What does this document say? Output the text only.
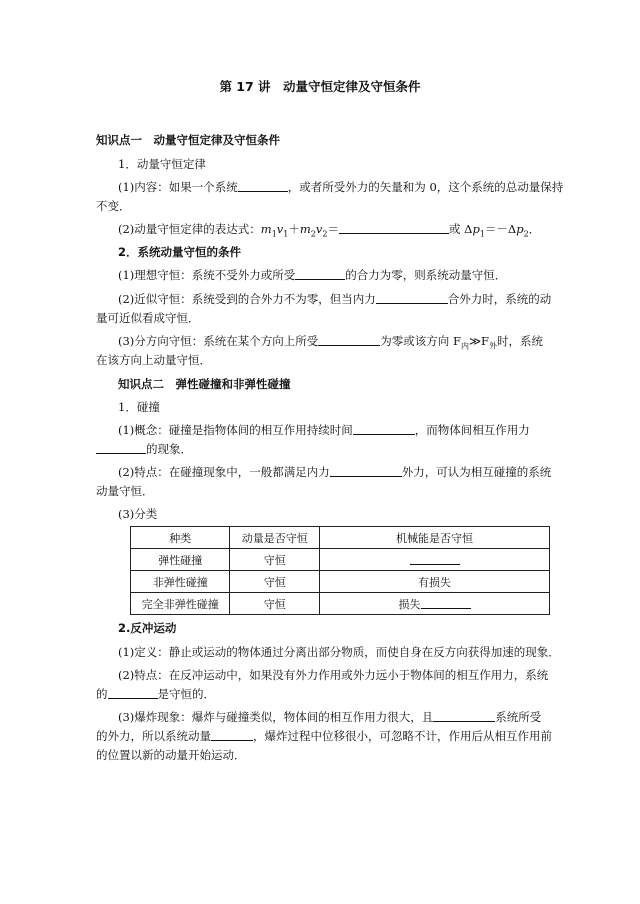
第 17 讲　动量守恒定律及守恒条件
知识点一　动量守恒定律及守恒条件
1．动量守恒定律
(1)内容：如果一个系统	，或者所受外力的矢量和为 0，这个系统的总动量保持
不变．
(2)动量守恒定律的表达式：$m_1v_1+m_2v_2=$	或 $\Delta p_1=-\Delta p_2$．
2．系统动量守恒的条件
(1)理想守恒：系统不受外力或所受	的合力为零，则系统动量守恒．
(2)近似守恒：系统受到的合外力不为零，但当内力	合外力时，系统的动
量可近似看成守恒．
(3)分方向守恒：系统在某个方向上所受	为零或该方向 $F_内≫F_外$时，系统
在该方向上动量守恒．
知识点二　弹性碰撞和非弹性碰撞
1．碰撞
(1)概念：碰撞是指物体间的相互作用持续时间	，而物体间相互作用力
的现象．
(2)特点：在碰撞现象中，一般都满足内力	外力，可认为相互碰撞的系统
动量守恒．
(3)分类
种类	动量是否守恒	机械能是否守恒
弹性碰撞	守恒	
非弹性碰撞	守恒	有损失
完全非弹性碰撞	守恒	损失
2.反冲运动
(1)定义：静止或运动的物体通过分离出部分物质，而使自身在反方向获得加速的现象．
(2)特点：在反冲运动中，如果没有外力作用或外力远小于物体间的相互作用力，系统
的	是守恒的．
(3)爆炸现象：爆炸与碰撞类似，物体间的相互作用力很大，且	系统所受
的外力，所以系统动量	，爆炸过程中位移很小，可忽略不计，作用后从相互作用前
的位置以新的动量开始运动．
